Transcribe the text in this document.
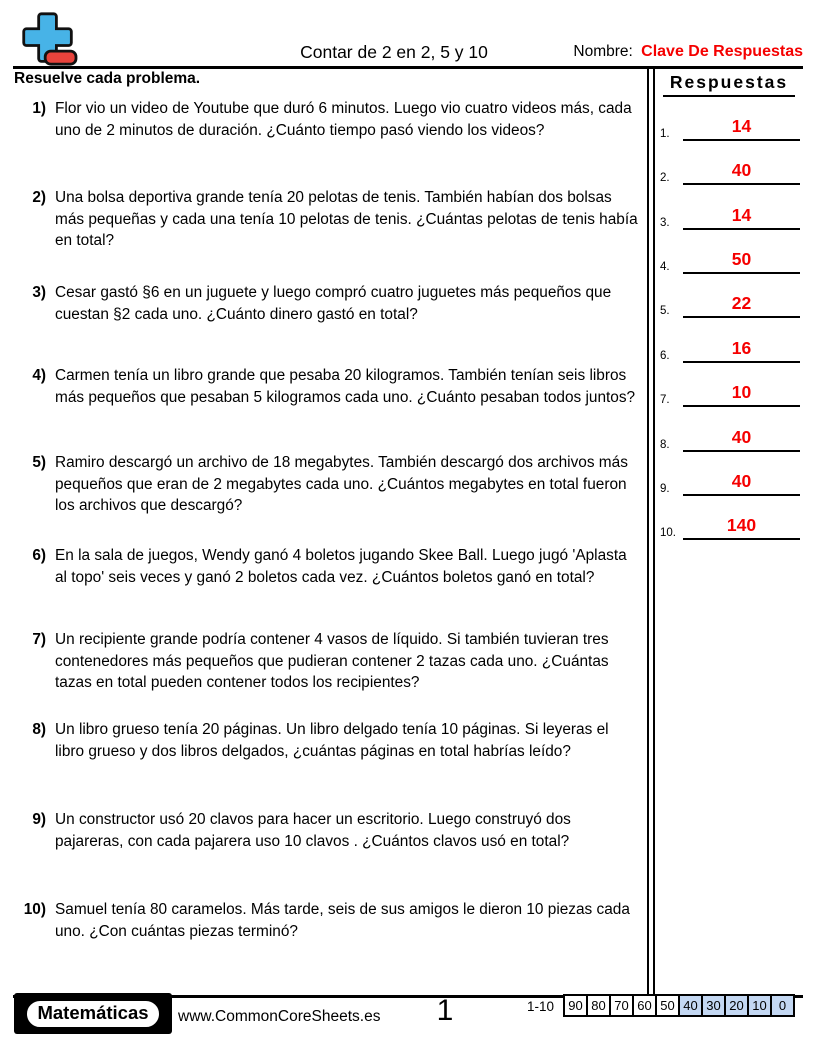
Contar de 2 en 2, 5 y 10	Nombre: Clave De Respuestas
Resuelve cada problema.
1) Flor vio un video de Youtube que duró 6 minutos. Luego vio cuatro videos más, cada uno de 2 minutos de duración. ¿Cuánto tiempo pasó viendo los videos?
2) Una bolsa deportiva grande tenía 20 pelotas de tenis. También habían dos bolsas más pequeñas y cada una tenía 10 pelotas de tenis. ¿Cuántas pelotas de tenis había en total?
3) Cesar gastó §6 en un juguete y luego compró cuatro juguetes más pequeños que cuestan §2 cada uno. ¿Cuánto dinero gastó en total?
4) Carmen tenía un libro grande que pesaba 20 kilogramos. También tenían seis libros más pequeños que pesaban 5 kilogramos cada uno. ¿Cuánto pesaban todos juntos?
5) Ramiro descargó un archivo de 18 megabytes. También descargó dos archivos más pequeños que eran de 2 megabytes cada uno. ¿Cuántos megabytes en total fueron los archivos que descargó?
6) En la sala de juegos, Wendy ganó 4 boletos jugando Skee Ball. Luego jugó 'Aplasta al topo' seis veces y ganó 2 boletos cada vez. ¿Cuántos boletos ganó en total?
7) Un recipiente grande podría contener 4 vasos de líquido. Si también tuvieran tres contenedores más pequeños que pudieran contener 2 tazas cada uno. ¿Cuántas tazas en total pueden contener todos los recipientes?
8) Un libro grueso tenía 20 páginas. Un libro delgado tenía 10 páginas. Si leyeras el libro grueso y dos libros delgados, ¿cuántas páginas en total habrías leído?
9) Un constructor usó 20 clavos para hacer un escritorio. Luego construyó dos pajareras, con cada pajarera uso 10 clavos . ¿Cuántos clavos usó en total?
10) Samuel tenía 80 caramelos. Más tarde, seis de sus amigos le dieron 10 piezas cada uno. ¿Con cuántas piezas terminó?
Respuestas
1.	14
2.	40
3.	14
4.	50
5.	22
6.	16
7.	10
8.	40
9.	40
10.	140
Matemáticas	www.CommonCoreSheets.es	1	1-10	90 80 70 60 50 40 30 20 10 0
